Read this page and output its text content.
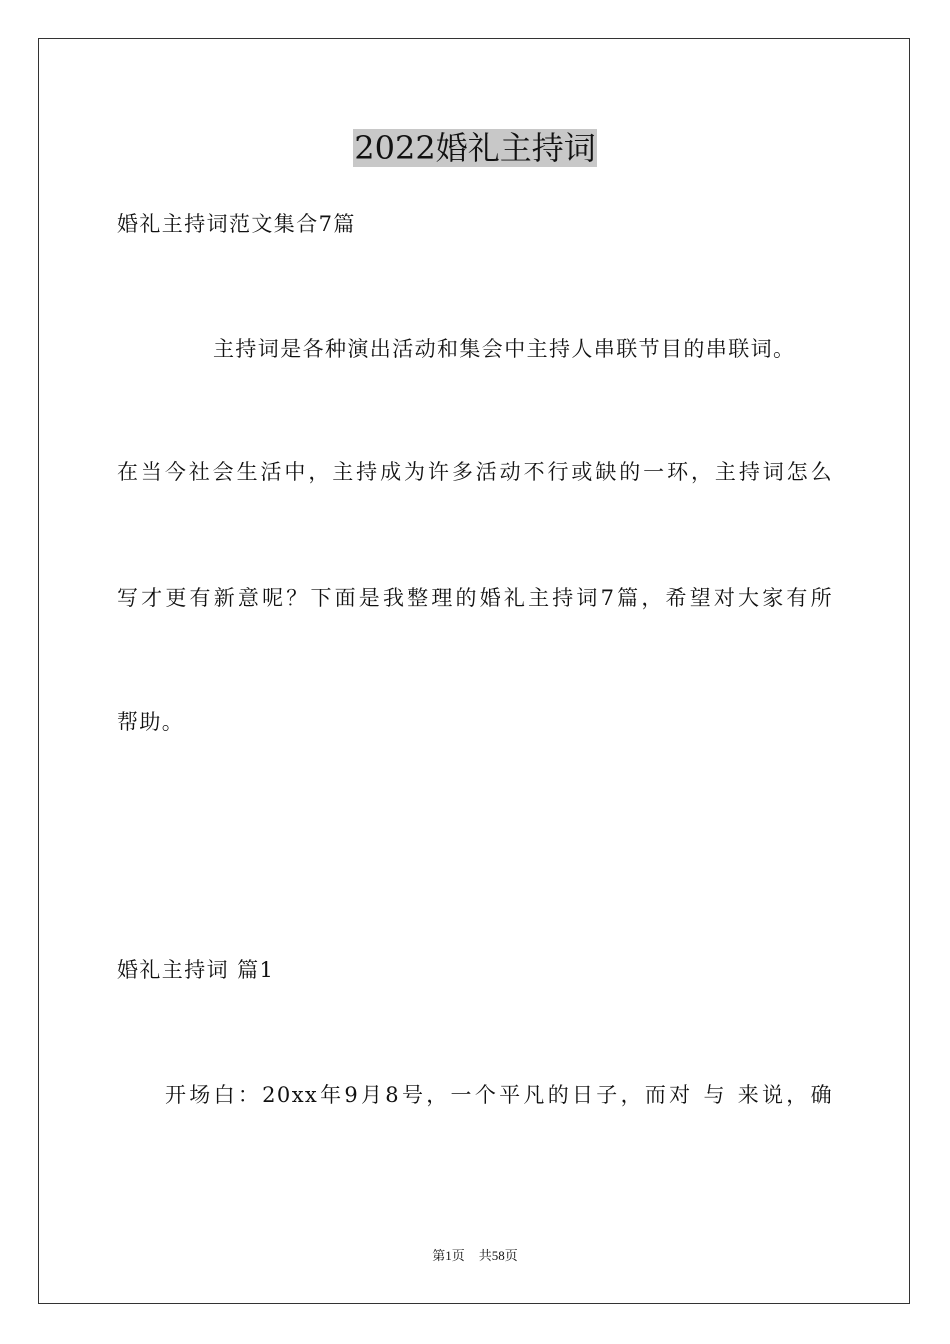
2022婚礼主持词
婚礼主持词范文集合7篇
主持词是各种演出活动和集会中主持人串联节目的串联词。
在当今社会生活中，主持成为许多活动不行或缺的一环，主持词怎么
写才更有新意呢？下面是我整理的婚礼主持词7篇，希望对大家有所
帮助。
婚礼主持词 篇1
开场白：20xx年9月8号，一个平凡的日子，而对 与 来说，确
第1页 共58页
